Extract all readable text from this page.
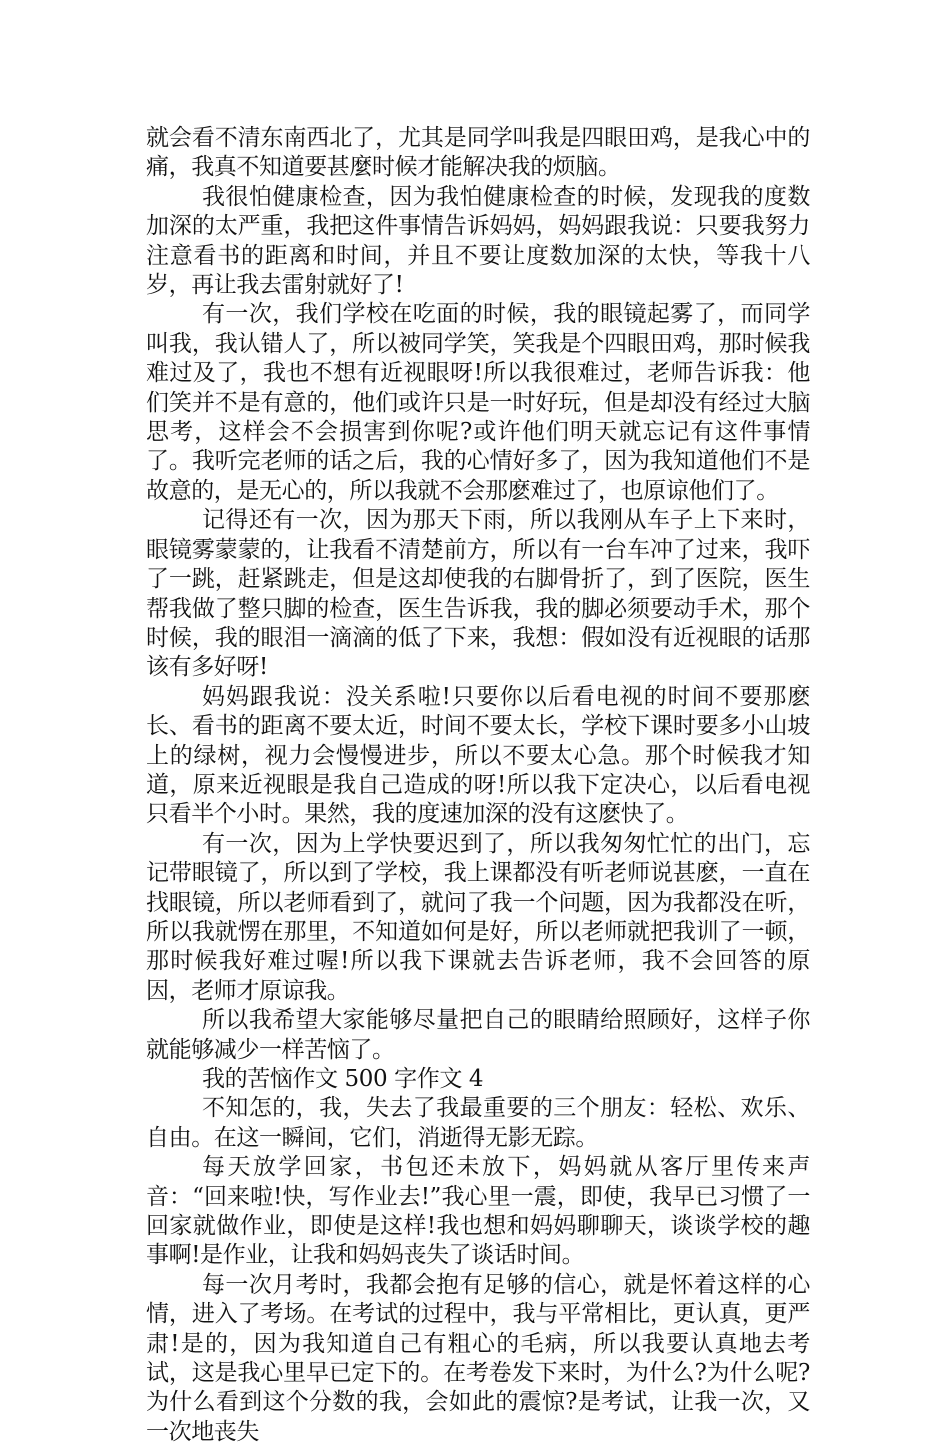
就会看不清东南西北了，尤其是同学叫我是四眼田鸡，是我心中的痛，我真不知道要甚麼时候才能解决我的烦脑。

我很怕健康检查，因为我怕健康检查的时候，发现我的度数加深的太严重，我把这件事情告诉妈妈，妈妈跟我说：只要我努力注意看书的距离和时间，并且不要让度数加深的太快，等我十八岁，再让我去雷射就好了!

有一次，我们学校在吃面的时候，我的眼镜起雾了，而同学叫我，我认错人了，所以被同学笑，笑我是个四眼田鸡，那时候我难过及了，我也不想有近视眼呀!所以我很难过，老师告诉我：他们笑并不是有意的，他们或许只是一时好玩，但是却没有经过大脑思考，这样会不会损害到你呢?或许他们明天就忘记有这件事情了。我听完老师的话之后，我的心情好多了，因为我知道他们不是故意的，是无心的，所以我就不会那麽难过了，也原谅他们了。

记得还有一次，因为那天下雨，所以我刚从车子上下来时，眼镜雾蒙蒙的，让我看不清楚前方，所以有一台车冲了过来，我吓了一跳，赶紧跳走，但是这却使我的右脚骨折了，到了医院，医生帮我做了整只脚的检查，医生告诉我，我的脚必须要动手术，那个时候，我的眼泪一滴滴的低了下来，我想：假如没有近视眼的话那该有多好呀!

妈妈跟我说：没关系啦!只要你以后看电视的时间不要那麽长、看书的距离不要太近，时间不要太长，学校下课时要多小山坡上的绿树，视力会慢慢进步，所以不要太心急。那个时候我才知道，原来近视眼是我自己造成的呀!所以我下定决心，以后看电视只看半个小时。果然，我的度速加深的没有这麽快了。

有一次，因为上学快要迟到了，所以我匆匆忙忙的出门，忘记带眼镜了，所以到了学校，我上课都没有听老师说甚麽，一直在找眼镜，所以老师看到了，就问了我一个问题，因为我都没在听，所以我就愣在那里，不知道如何是好，所以老师就把我训了一顿，那时候我好难过喔!所以我下课就去告诉老师，我不会回答的原因，老师才原谅我。

所以我希望大家能够尽量把自己的眼睛给照顾好，这样子你就能够减少一样苦恼了。

我的苦恼作文 500 字作文 4

不知怎的，我，失去了我最重要的三个朋友：轻松、欢乐、自由。在这一瞬间，它们，消逝得无影无踪。

每天放学回家，书包还未放下，妈妈就从客厅里传来声音：“回来啦!快，写作业去!”我心里一震，即使，我早已习惯了一回家就做作业，即使是这样!我也想和妈妈聊聊天，谈谈学校的趣事啊!是作业，让我和妈妈丧失了谈话时间。

每一次月考时，我都会抱有足够的信心，就是怀着这样的心情，进入了考场。在考试的过程中，我与平常相比，更认真，更严肃!是的，因为我知道自己有粗心的毛病，所以我要认真地去考试，这是我心里早已定下的。在考卷发下来时，为什么?为什么呢?为什么看到这个分数的我，会如此的震惊?是考试，让我一次，又一次地丧失
